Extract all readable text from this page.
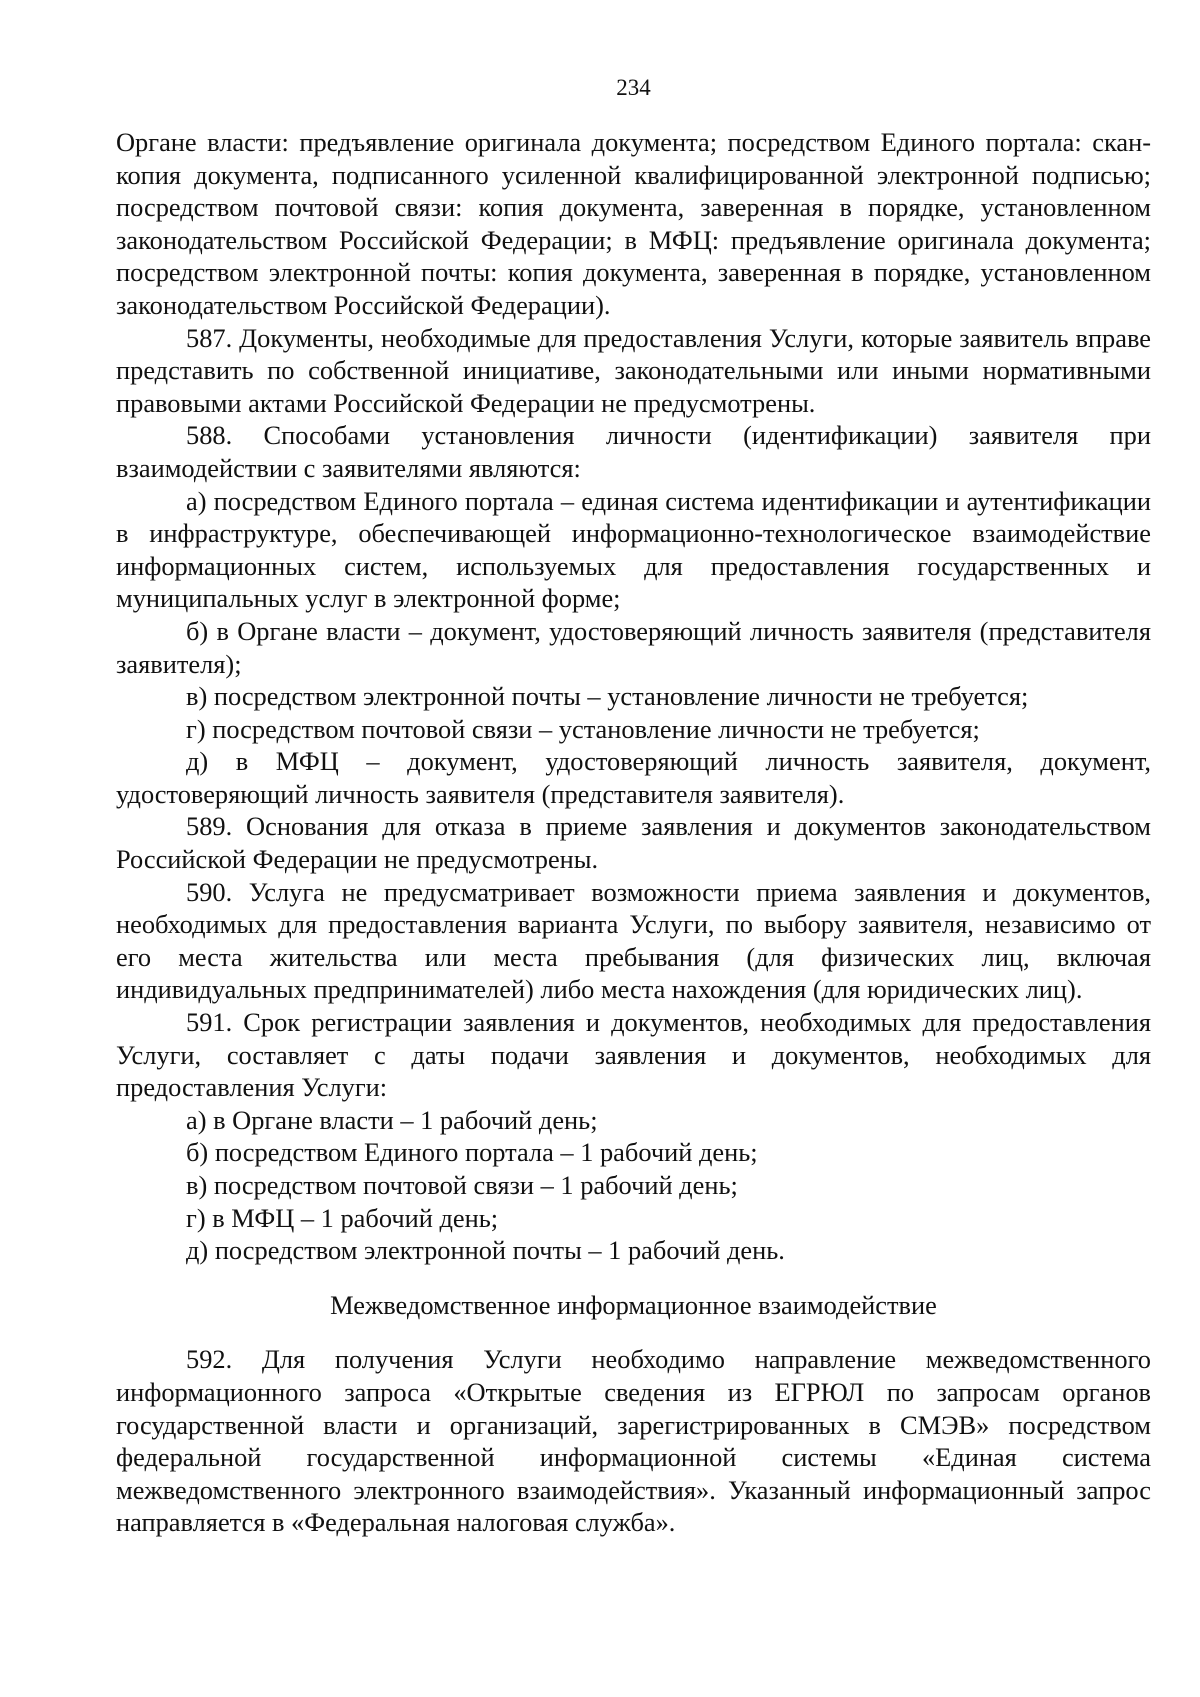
234

Органе власти: предъявление оригинала документа; посредством Единого портала: скан-копия документа, подписанного усиленной квалифицированной электронной подписью; посредством почтовой связи: копия документа, заверенная в порядке, установленном законодательством Российской Федерации; в МФЦ: предъявление оригинала документа; посредством электронной почты: копия документа, заверенная в порядке, установленном законодательством Российской Федерации).

587. Документы, необходимые для предоставления Услуги, которые заявитель вправе представить по собственной инициативе, законодательными или иными нормативными правовыми актами Российской Федерации не предусмотрены.

588. Способами установления личности (идентификации) заявителя при взаимодействии с заявителями являются:

а) посредством Единого портала – единая система идентификации и аутентификации в инфраструктуре, обеспечивающей информационно-технологическое взаимодействие информационных систем, используемых для предоставления государственных и муниципальных услуг в электронной форме;

б) в Органе власти – документ, удостоверяющий личность заявителя (представителя заявителя);

в) посредством электронной почты – установление личности не требуется;

г) посредством почтовой связи – установление личности не требуется;

д) в МФЦ – документ, удостоверяющий личность заявителя, документ, удостоверяющий личность заявителя (представителя заявителя).

589. Основания для отказа в приеме заявления и документов законодательством Российской Федерации не предусмотрены.

590. Услуга не предусматривает возможности приема заявления и документов, необходимых для предоставления варианта Услуги, по выбору заявителя, независимо от его места жительства или места пребывания (для физических лиц, включая индивидуальных предпринимателей) либо места нахождения (для юридических лиц).

591. Срок регистрации заявления и документов, необходимых для предоставления Услуги, составляет с даты подачи заявления и документов, необходимых для предоставления Услуги:

а) в Органе власти – 1 рабочий день;

б) посредством Единого портала – 1 рабочий день;

в) посредством почтовой связи – 1 рабочий день;

г) в МФЦ – 1 рабочий день;

д) посредством электронной почты – 1 рабочий день.

Межведомственное информационное взаимодействие

592. Для получения Услуги необходимо направление межведомственного информационного запроса «Открытые сведения из ЕГРЮЛ по запросам органов государственной власти и организаций, зарегистрированных в СМЭВ» посредством федеральной государственной информационной системы «Единая система межведомственного электронного взаимодействия». Указанный информационный запрос направляется в «Федеральная налоговая служба».
